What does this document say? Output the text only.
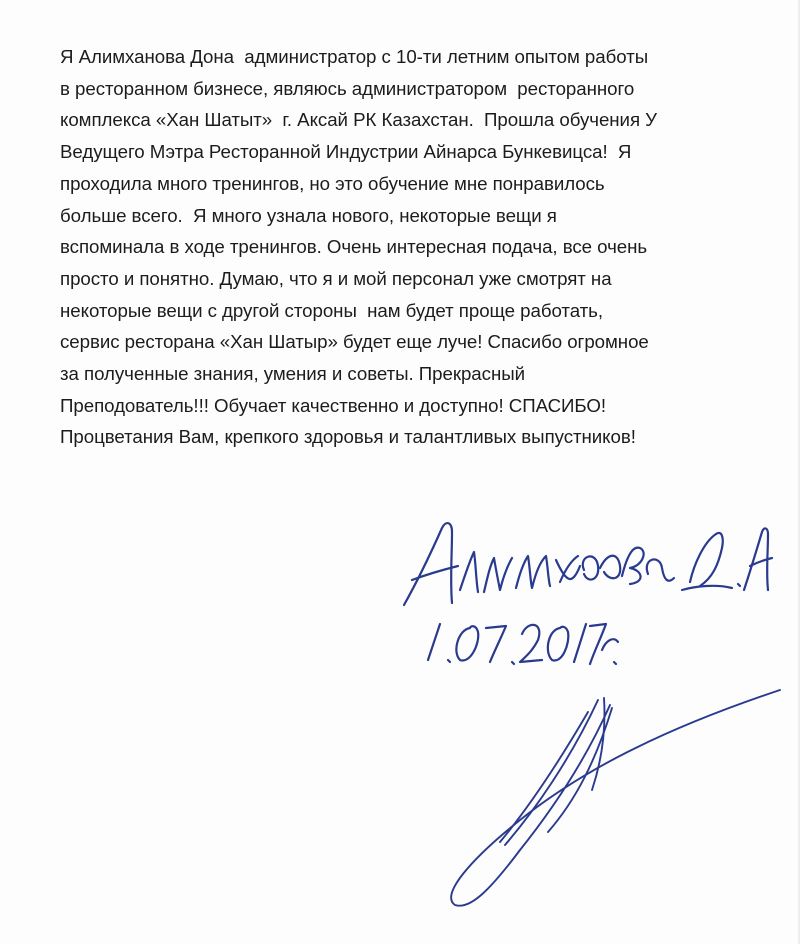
Я Алимханова Дона  администратор с 10-ти летним опытом работы
в ресторанном бизнесе, являюсь администратором  ресторанного
комплекса «Хан Шатыт»  г. Аксай РК Казахстан.  Прошла обучения У
Ведущего Мэтра Ресторанной Индустрии Айнарса Бункевицса!  Я
проходила много тренингов, но это обучение мне понравилось
больше всего.  Я много узнала нового, некоторые вещи я
вспоминала в ходе тренингов. Очень интересная подача, все очень
просто и понятно. Думаю, что я и мой персонал уже смотрят на
некоторые вещи с другой стороны  нам будет проще работать,
сервис ресторана «Хан Шатыр» будет еще луче! Спасибо огромное
за полученные знания, умения и советы. Прекрасный
Преподователь!!! Обучает качественно и доступно! СПАСИБО!
Процветания Вам, крепкого здоровья и талантливых выпустников!
